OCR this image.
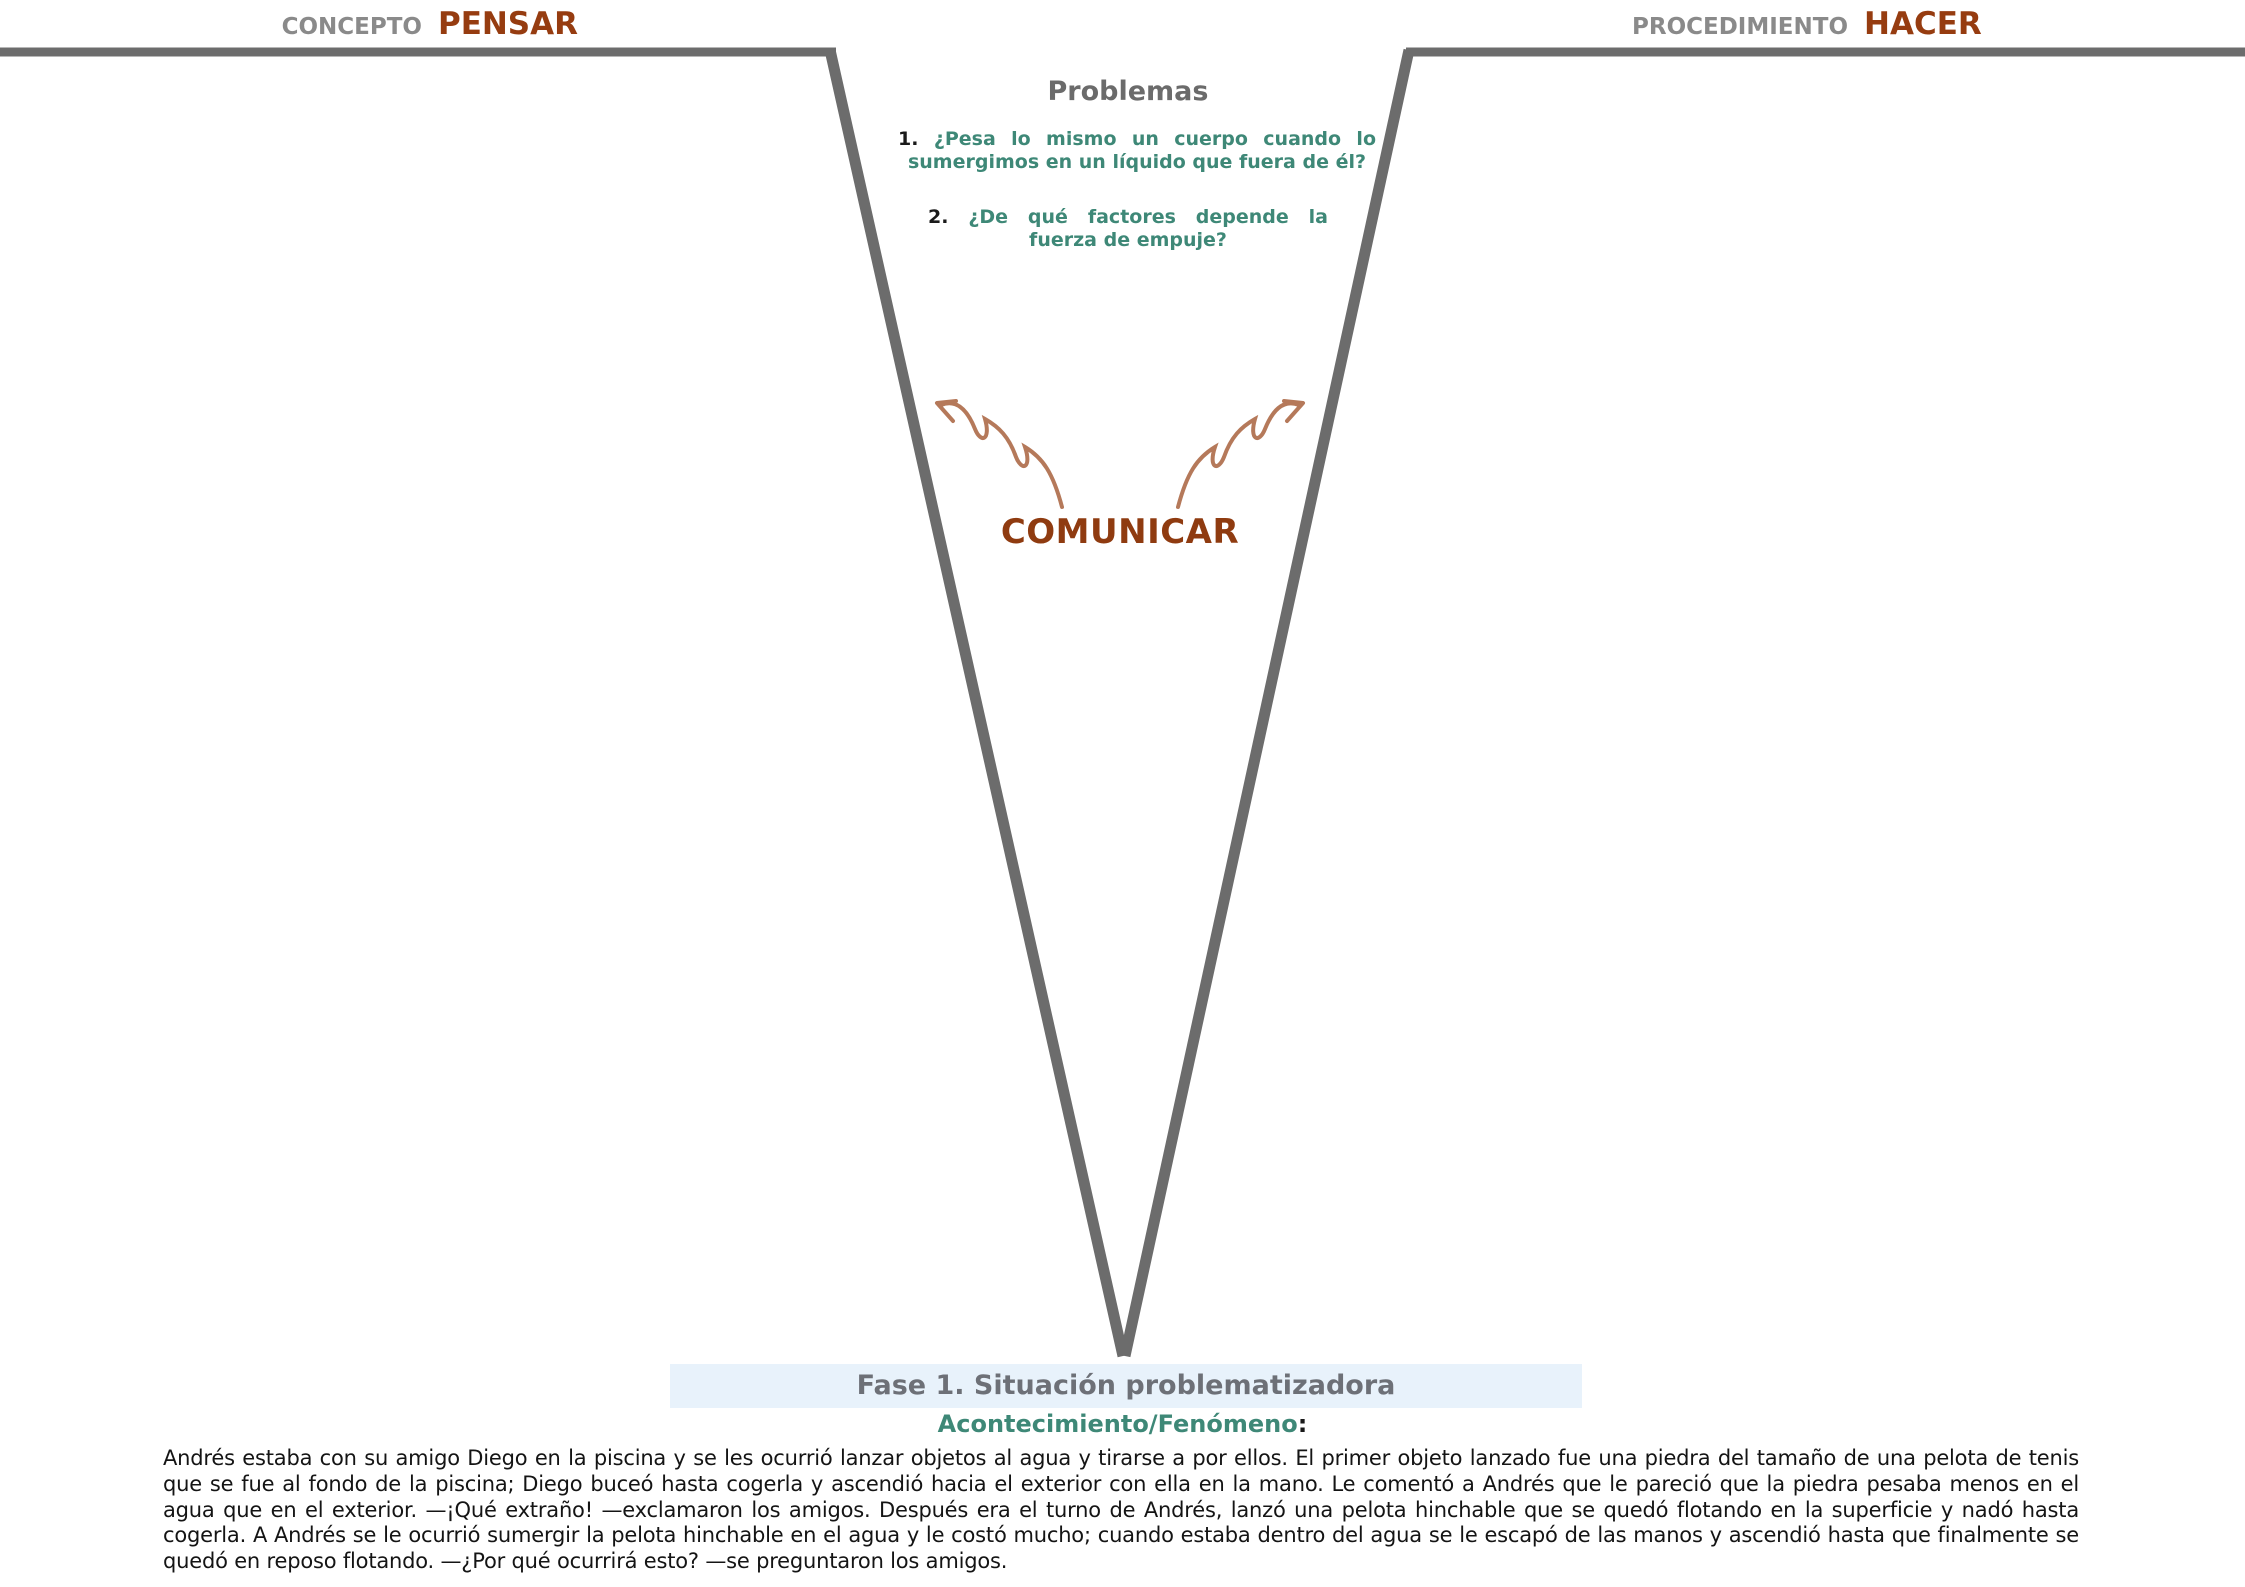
CONCEPTO PENSAR	PROCEDIMIENTO HACER
Problemas
1. ¿Pesa lo mismo un cuerpo cuando lo sumergimos en un líquido que fuera de él?
2. ¿De qué factores depende la fuerza de empuje?
COMUNICAR
Fase 1. Situación problematizadora
Acontecimiento/Fenómeno:
Andrés estaba con su amigo Diego en la piscina y se les ocurrió lanzar objetos al agua y tirarse a por ellos. El primer objeto lanzado fue una piedra del tamaño de una pelota de tenis que se fue al fondo de la piscina; Diego buceó hasta cogerla y ascendió hacia el exterior con ella en la mano. Le comentó a Andrés que le pareció que la piedra pesaba menos en el agua que en el exterior. —¡Qué extraño! —exclamaron los amigos. Después era el turno de Andrés, lanzó una pelota hinchable que se quedó flotando en la superficie y nadó hasta cogerla. A Andrés se le ocurrió sumergir la pelota hinchable en el agua y le costó mucho; cuando estaba dentro del agua se le escapó de las manos y ascendió hasta que finalmente se quedó en reposo flotando. —¿Por qué ocurrirá esto? —se preguntaron los amigos.
